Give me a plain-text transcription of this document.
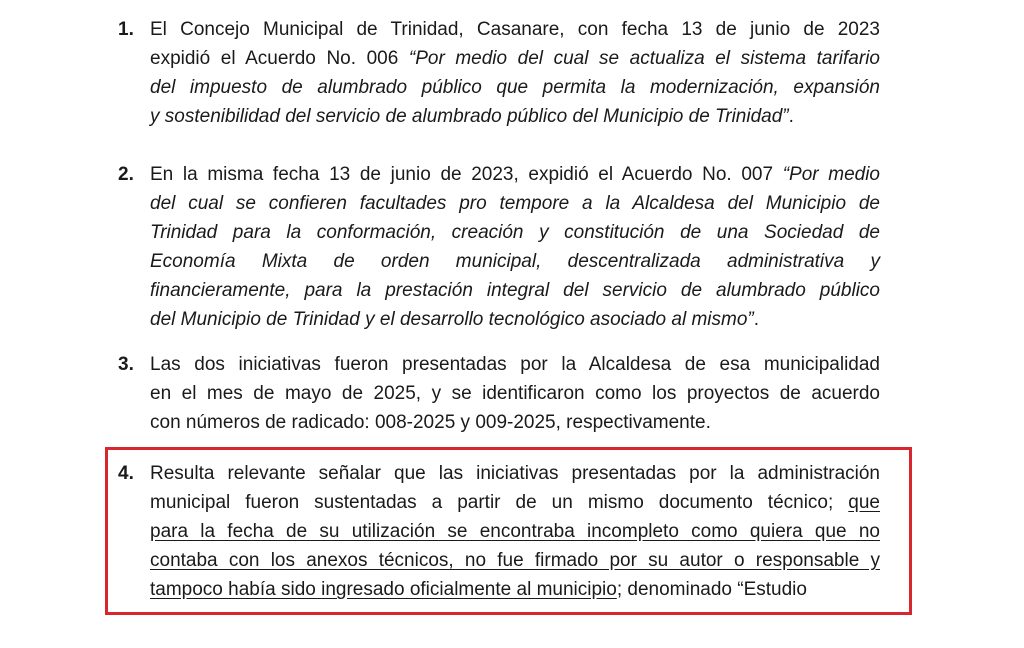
1. El Concejo Municipal de Trinidad, Casanare, con fecha 13 de junio de 2023
expidió el Acuerdo No. 006 “Por medio del cual se actualiza el sistema tarifario
del impuesto de alumbrado público que permita la modernización, expansión
y sostenibilidad del servicio de alumbrado público del Municipio de Trinidad”.
2. En la misma fecha 13 de junio de 2023, expidió el Acuerdo No. 007 “Por medio
del cual se confieren facultades pro tempore a la Alcaldesa del Municipio de
Trinidad para la conformación, creación y constitución de una Sociedad de
Economía Mixta de orden municipal, descentralizada administrativa y
financieramente, para la prestación integral del servicio de alumbrado público
del Municipio de Trinidad y el desarrollo tecnológico asociado al mismo”.
3. Las dos iniciativas fueron presentadas por la Alcaldesa de esa municipalidad
en el mes de mayo de 2025, y se identificaron como los proyectos de acuerdo
con números de radicado: 008-2025 y 009-2025, respectivamente.
4. Resulta relevante señalar que las iniciativas presentadas por la administración
municipal fueron sustentadas a partir de un mismo documento técnico; que
para la fecha de su utilización se encontraba incompleto como quiera que no
contaba con los anexos técnicos, no fue firmado por su autor o responsable y
tampoco había sido ingresado oficialmente al municipio; denominado “Estudio
